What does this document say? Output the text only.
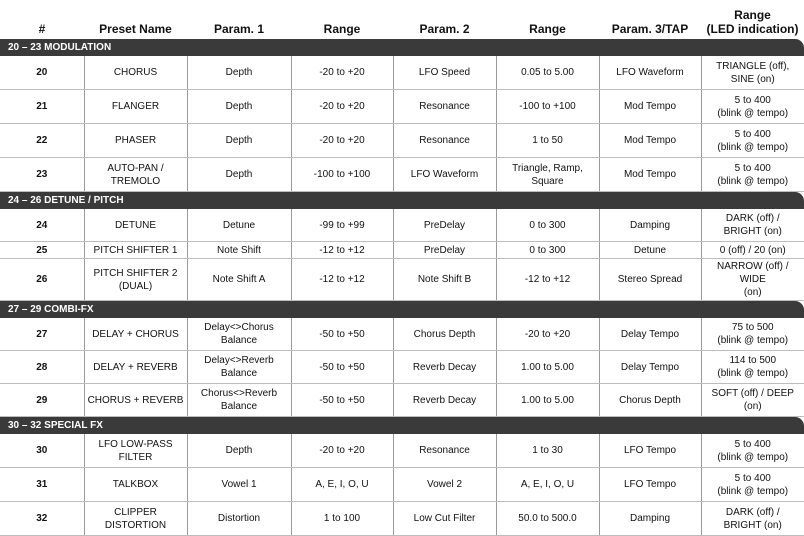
#	Preset Name	Param. 1	Range	Param. 2	Range	Param. 3/TAP	Range
(LED indication)
20 – 23 MODULATION							
20	CHORUS	Depth	-20 to +20	LFO Speed	0.05 to 5.00	LFO Waveform	TRIANGLE (off), SINE (on)
21	FLANGER	Depth	-20 to +20	Resonance	-100 to +100	Mod Tempo	5 to 400
(blink @ tempo)
22	PHASER	Depth	-20 to +20	Resonance	1 to 50	Mod Tempo	5 to 400
(blink @ tempo)
23	AUTO-PAN / TREMOLO	Depth	-100 to +100	LFO Waveform	Triangle, Ramp,
Square	Mod Tempo	5 to 400
(blink @ tempo)
24 – 26 DETUNE / PITCH							
24	DETUNE	Detune	-99 to +99	PreDelay	0 to 300	Damping	DARK (off) /
BRIGHT (on)
25	PITCH SHIFTER 1	Note Shift	-12 to +12	PreDelay	0 to 300	Detune	0 (off) / 20 (on)
26	PITCH SHIFTER 2
(DUAL)	Note Shift A	-12 to +12	Note Shift B	-12 to +12	Stereo Spread	NARROW (off) / WIDE
(on)
27 – 29 COMBI-FX							
27	DELAY + CHORUS	Delay<>Chorus
Balance	-50 to +50	Chorus Depth	-20 to +20	Delay Tempo	75 to 500
(blink @ tempo)
28	DELAY + REVERB	Delay<>Reverb
Balance	-50 to +50	Reverb Decay	1.00 to 5.00	Delay Tempo	114 to 500
(blink @ tempo)
29	CHORUS + REVERB	Chorus<>Reverb
Balance	-50 to +50	Reverb Decay	1.00 to 5.00	Chorus Depth	SOFT (off) / DEEP (on)
30 – 32 SPECIAL FX							
30	LFO LOW-PASS FILTER	Depth	-20 to +20	Resonance	1 to 30	LFO Tempo	5 to 400
(blink @ tempo)
31	TALKBOX	Vowel 1	A, E, I, O, U	Vowel 2	A, E, I, O, U	LFO Tempo	5 to 400
(blink @ tempo)
32	CLIPPER DISTORTION	Distortion	1 to 100	Low Cut Filter	50.0 to 500.0	Damping	DARK (off) /
BRIGHT (on)
